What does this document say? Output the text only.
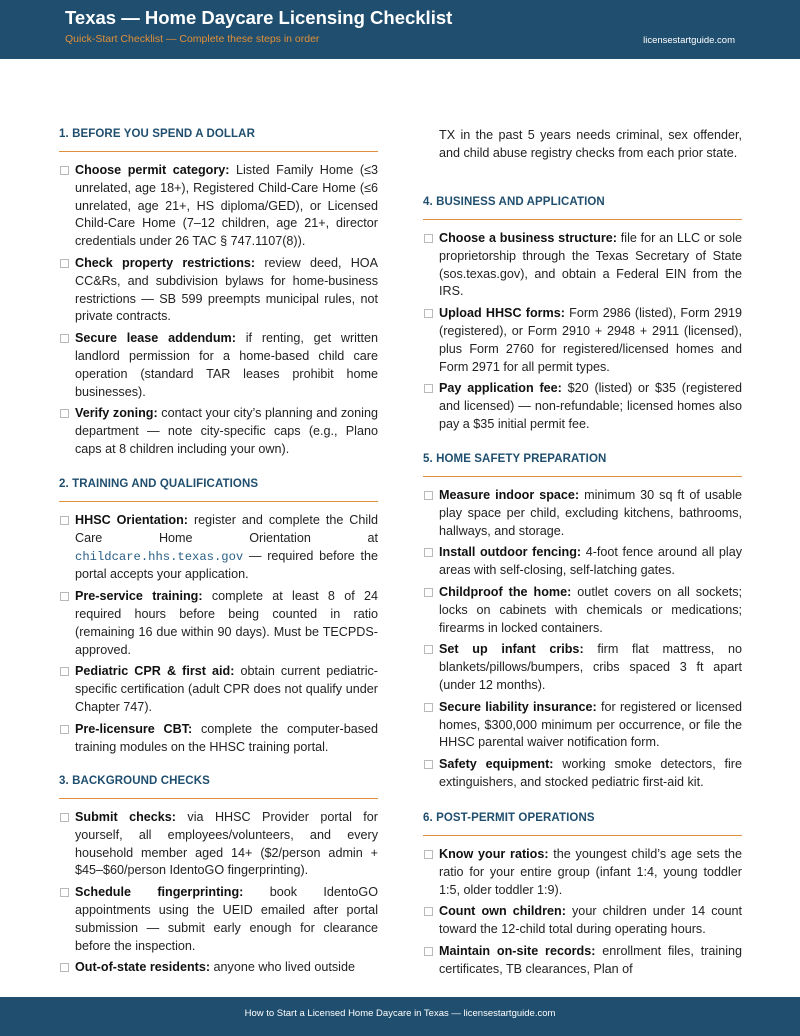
Texas — Home Daycare Licensing Checklist
Quick-Start Checklist — Complete these steps in order	licensestartguide.com
1. BEFORE YOU SPEND A DOLLAR
Choose permit category: Listed Family Home (≤3 unrelated, age 18+), Registered Child-Care Home (≤6 unrelated, age 21+, HS diploma/GED), or Licensed Child-Care Home (7–12 children, age 21+, director credentials under 26 TAC § 747.1107(8)).
Check property restrictions: review deed, HOA CC&Rs, and subdivision bylaws for home-business restrictions — SB 599 preempts municipal rules, not private contracts.
Secure lease addendum: if renting, get written landlord permission for a home-based child care operation (standard TAR leases prohibit home businesses).
Verify zoning: contact your city’s planning and zoning department — note city-specific caps (e.g., Plano caps at 8 children including your own).
2. TRAINING AND QUALIFICATIONS
HHSC Orientation: register and complete the Child Care Home Orientation at childcare.hhs.texas.gov — required before the portal accepts your application.
Pre-service training: complete at least 8 of 24 required hours before being counted in ratio (remaining 16 due within 90 days). Must be TECPDS-approved.
Pediatric CPR & first aid: obtain current pediatric-specific certification (adult CPR does not qualify under Chapter 747).
Pre-licensure CBT: complete the computer-based training modules on the HHSC training portal.
3. BACKGROUND CHECKS
Submit checks: via HHSC Provider portal for yourself, all employees/volunteers, and every household member aged 14+ ($2/person admin + $45–$60/person IdentoGO fingerprinting).
Schedule fingerprinting: book IdentoGO appointments using the UEID emailed after portal submission — submit early enough for clearance before the inspection.
Out-of-state residents: anyone who lived outside
TX in the past 5 years needs criminal, sex offender, and child abuse registry checks from each prior state.
4. BUSINESS AND APPLICATION
Choose a business structure: file for an LLC or sole proprietorship through the Texas Secretary of State (sos.texas.gov), and obtain a Federal EIN from the IRS.
Upload HHSC forms: Form 2986 (listed), Form 2919 (registered), or Form 2910 + 2948 + 2911 (licensed), plus Form 2760 for registered/licensed homes and Form 2971 for all permit types.
Pay application fee: $20 (listed) or $35 (registered and licensed) — non-refundable; licensed homes also pay a $35 initial permit fee.
5. HOME SAFETY PREPARATION
Measure indoor space: minimum 30 sq ft of usable play space per child, excluding kitchens, bathrooms, hallways, and storage.
Install outdoor fencing: 4-foot fence around all play areas with self-closing, self-latching gates.
Childproof the home: outlet covers on all sockets; locks on cabinets with chemicals or medications; firearms in locked containers.
Set up infant cribs: firm flat mattress, no blankets/pillows/bumpers, cribs spaced 3 ft apart (under 12 months).
Secure liability insurance: for registered or licensed homes, $300,000 minimum per occurrence, or file the HHSC parental waiver notification form.
Safety equipment: working smoke detectors, fire extinguishers, and stocked pediatric first-aid kit.
6. POST-PERMIT OPERATIONS
Know your ratios: the youngest child’s age sets the ratio for your entire group (infant 1:4, young toddler 1:5, older toddler 1:9).
Count own children: your children under 14 count toward the 12-child total during operating hours.
Maintain on-site records: enrollment files, training certificates, TB clearances, Plan of
How to Start a Licensed Home Daycare in Texas — licensestartguide.com
